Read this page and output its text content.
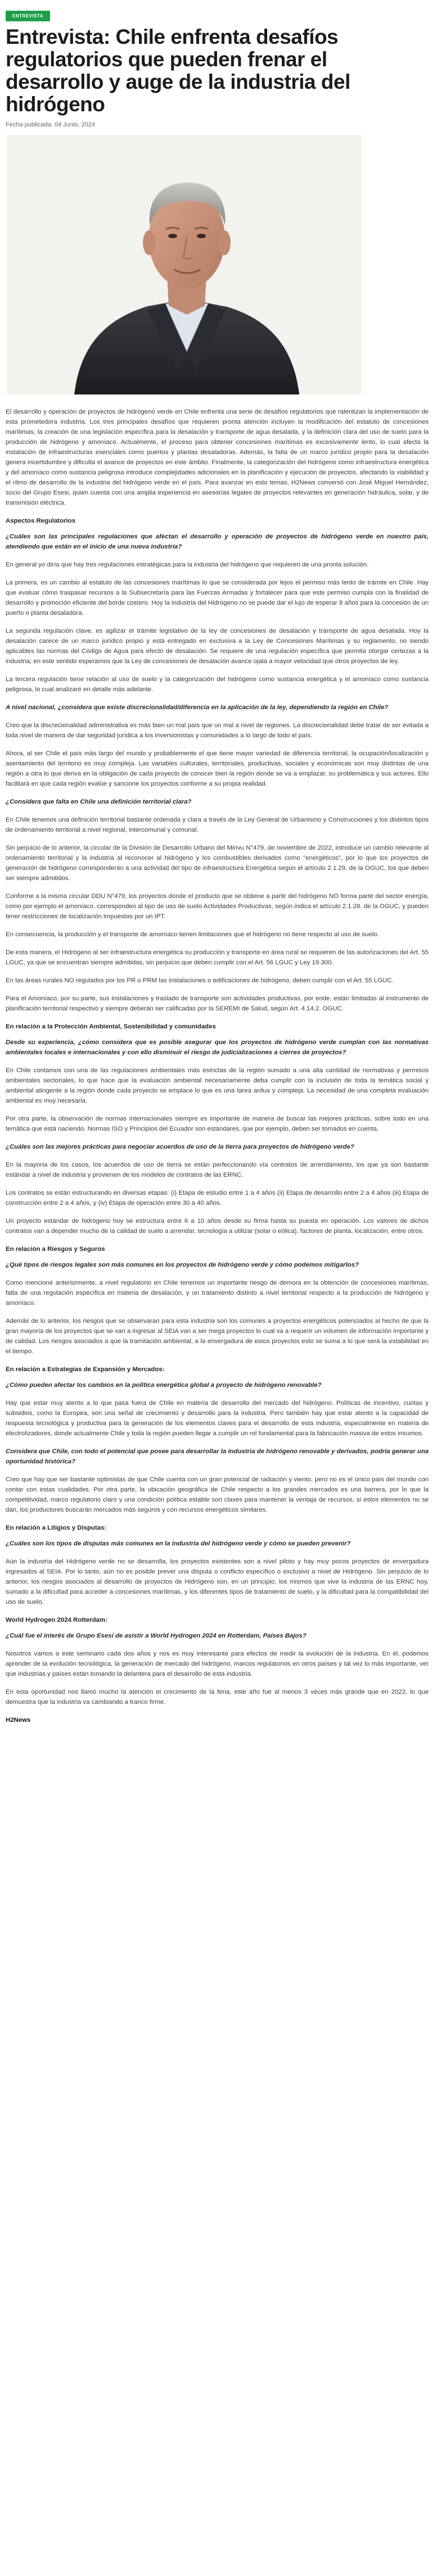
ENTREVISTA
Entrevista: Chile enfrenta desafíos regulatorios que pueden frenar el desarrollo y auge de la industria del hidrógeno
Fecha publicada: 04 Junio, 2024

El desarrollo y operación de proyectos de hidrógeno verde en Chile enfrenta una serie de desafíos regulatorios que ralentizan la implementación de esta prometedora industria. Los tres principales desafíos que requieren pronta atención incluyen la modificación del estatuto de concesiones marítimas, la creación de una legislación específica para la desalación y transporte de agua desalada, y la definición clara del uso de suelo para la producción de hidrógeno y amoníaco. Actualmente, el proceso para obtener concesiones marítimas es excesivamente lento, lo cual afecta la instalación de infraestructuras esenciales como puertos y plantas desaladoras. Además, la falta de un marco jurídico propio para la desalación genera incertidumbre y dificulta el avance de proyectos en este ámbito. Finalmente, la categorización del hidrógeno como infraestructura energética y del amoníaco como sustancia peligrosa introduce complejidades adicionales en la planificación y ejecución de proyectos, afectando la viabilidad y el ritmo de desarrollo de la industria del hidrógeno verde en el país. Para avanzar en esto temas, H2News conversó con José Miguel Hernández, socio del Grupo Esesi, quien cuenta con una amplia experiencia en asesorías legales de proyectos relevantes en generación hidráulica, solar, y de transmisión eléctrica.

Aspectos Regulatorios

¿Cuáles son las principales regulaciones que afectan el desarrollo y operación de proyectos de hidrógeno verde en nuestro país, atendiendo que están en el inicio de una nueva industria?

En general yo diría que hay tres regulaciones estratégicas para la industria del hidrógeno que requieren de una pronta solución.

La primera, es un cambio al estatuto de las concesiones marítimas lo que se considerada por lejos el permiso más lento de trámite en Chile. Hay que evaluar cómo traspasar recursos a la Subsecretaría para las Fuerzas Armadas y fortalecer para que este permiso cumpla con la finalidad de desarrollo y promoción eficiente del borde costero. Hoy la industria del Hidrógeno no se puede dar el lujo de esperar 8 años para la concesión de un puerto o planta desaladora.

La segunda regulación clave, es agilizar el trámite legislativo de la ley de concesiones de desalación y transporte de agua desalada. Hoy la desalación carece de un marco jurídico propio y está entregado en exclusiva a la Ley de Concesiones Marítimas y su reglamento, no siendo aplicables las normas del Código de Agua para efecto de desalación. Se requiere de una regulación específica que permita otorgar certezas a la industria; en este sentido esperamos que la Ley de concesiones de desalación avance ojalá a mayor velocidad que otros proyectos de ley.

La tercera regulación tiene relación al uso de suelo y la categorización del hidrógeno como sustancia energética y el amoníaco como sustancia peligrosa, lo cual analizaré en detalle más adelante.

A nivel nacional, ¿considera que existe discrecionalidad/diferencia en la aplicación de la ley, dependiendo la región en Chile?

Creo que la discrecionalidad administrativa es más bien un mal país que un mal a nivel de regiones. La discrecionalidad debe tratar de ser evitada a toda nivel de manera de dar seguridad jurídica a los inversionistas y comunidades a lo largo de todo el país.

Ahora, al ser Chile el país más largo del mundo y probablemente el que tiene mayor variedad de diferencia territorial, la ocupación/localización y asentamiento del territorio es muy compleja. Las variables culturales, territoriales, productivas, sociales y económicas son muy distintas de una región a otra lo que deriva en la obligación de cada proyecto de conocer bien la región donde se va a emplazar, su problemática y sus actores. Ello facilitará en que cada región evalúe y sancione los proyectos conforme a su propia realidad.

¿Considera que falta en Chile una definición territorial clara?

En Chile tenemos una definición territorial bastante ordenada y clara a través de la Ley General de Urbanismo y Construcciones y los distintos tipos de ordenamiento territorial a nivel regional, intercomunal y comunal.

Sin perjuicio de lo anterior, la circular de la División de Desarrollo Urbano del Minvu N°479, de noviembre de 2022, introduce un cambio relevante al ordenamiento territorial y la industria al reconocer al hidrógeno y los combustibles derivados como "energéticos", por lo que los proyectos de generación de hidrógeno corresponderán a una actividad del tipo de infraestructura Energética según el artículo 2.1.29. de la OGUC, los que deben ser siempre admitidos.

Conforme a la misma circular DDU N°479, los proyectos donde el producto que se obtiene a partir del hidrógeno NO forma parte del sector energía, como por ejemplo el amoníaco, corresponden al tipo de uso de suelo Actividades Productivas, según indica el artículo 2.1.28. de la OGUC, y pueden tener restricciones de localización impuestas por un IPT.

En consecuencia, la producción y el transporte de amoníaco tienen limitaciones que el hidrógeno no tiene respecto al uso de suelo.

De esta manera, el Hidrógeno al ser infraestructura energética su producción y transporte en área rural se requieren de las autorizaciones del Art. 55 LGUC, ya que se encuentran siempre admitidas, sin perjuicio que deben cumplir con el Art. 56 LGUC y Ley 19.300.

En las áreas rurales NO regulados por los PR o PRM las instalaciones o edificaciones de hidrógeno, deben cumplir con el Art. 55 LGUC.

Para el Amoníaco, por su parte, sus instalaciones y traslado de transporte son actividades productivas, por ende, están limitadas al instrumento de planificación territorial respectivo y siempre deberán ser calificadas por la SEREMI de Salud, según Art. 4.14.2. OGUC.

En relación a la Protección Ambiental, Sostenibilidad y comunidades

Desde su experiencia, ¿cómo considera que es posible asegurar que los proyectos de hidrógeno verde cumplan con las normativas ambientales locales e internacionales y con ello disminuir el riesgo de judicializaciones a cierres de proyectos?

En Chile contamos con una de las regulaciones ambientales más estrictas de la región sumado a una alta cantidad de normativas y permisos ambientales sectoriales, lo que hace que la evaluación ambiental necesariamente deba cumplir con la inclusión de toda la temática social y ambiental atingente a la región donde cada proyecto se emplace lo que es una tarea ardua y compleja. La necesidad de una completa evaluación ambiental es muy necesaria.

Por otra parte, la observación de normas internacionales siempre es importante de manera de buscar las mejores prácticas, sobre todo en una temática que está naciendo. Normas ISO y Principios del Ecuador son estándares, que por ejemplo, deben ser tomados en cuenta.

¿Cuáles son las mejores prácticas para negociar acuerdos de uso de la tierra para proyectos de hidrógeno verde?

En la mayoría de los casos, los acuerdos de uso de tierra se están perfeccionando vía contratos de arrendamiento, los que ya son bastante estándar a nivel de industria y provienen de los modelos de contratos de las ERNC.

Los contratos se están estructurando en diversas etapas: (i) Etapa de estudio entre 1 a 4 años (ii) Etapa de desarrollo entre 2 a 4 años (iii) Etapa de construcción entre 2 a 4 años, y (iv) Etapa de operación entre 30 a 40 años.

Un proyecto estándar de hidrógeno hoy se estructura entre 6 a 10 años desde su firma hasta su puesta en operación. Los valores de dichos contratos van a depender mucho de la calidad de suelo a arrendar, tecnología a utilizar (solar o eólica), factores de planta, localización, entre otros.

En relación a Riesgos y Seguros

¿Qué tipos de riesgos legales son más comunes en los proyectos de hidrógeno verde y cómo podemos mitigarlos?

Como mencioné anteriormente, a nivel regulatorio en Chile tenemos un importante riesgo de demora en la obtención de concesiones marítimas, falta de una regulación específica en materia de desalación, y un tratamiento distinto a nivel territorial respecto a la producción de hidrógeno y amoníaco.

Además de lo anterior, los riesgos que se observaran para esta industria son los comunes a proyectos energéticos potenciados al hecho de que la gran mayoría de los proyectos que se van a ingresar al SEIA van a ser mega proyectos lo cual va a requerir un volumen de información importante y de calidad. Los riesgos asociados a que la tramitación ambiental, a la envergadura de estos proyectos esto se suma a lo que será la estabilidad en el tiempo.

En relación a Estrategias de Expansión y Mercados:

¿Cómo pueden afectar los cambios en la política energética global a proyecto de hidrógeno renovable?

Hay que estar muy atento a lo que pasa fuera de Chile en materia de desarrollo del mercado del hidrógeno. Políticas de incentivo, cuotas y subsidios, como la Europea, son una señal de crecimiento y desarrollo para la industria. Pero también hay que estar atento a la capacidad de respuesta tecnológica y productiva para la generación de los elementos claves para el desarrollo de esta industria, especialmente en materia de electrolizadores, donde actualmente Chile y toda la región pueden llegar a cumplir un rol fundamental para la fabricación masiva de estos insumos.

Considera que Chile, con todo el potencial que posee para desarrollar la industria de hidrógeno renovable y derivados, podría generar una oportunidad histórica?

Creo que hay que ser bastante optimistas de que Chile cuenta con un gran potencial de radiación y viento, pero no es el único país del mundo con contar con estas cualidades. Por otra parte, la ubicación geográfica de Chile respecto a los grandes mercados es una barrera, por lo que la competitividad, marco regulatorio claro y una condición política estable son claves para mantener la ventaja de recursos, si estos elementos no se dan, los productores buscarán mercados más seguros y con recursos energéticos similares.

En relación a Litigios y Disputas:

¿Cuáles son los tipos de disputas más comunes en la industria del hidrógeno verde y cómo se pueden prevenir?

Aún la industria del Hidrógeno verde no se desarrolla, los proyectos existentes son a nivel piloto y hay muy pocos proyectos de envergadura ingresados al SEIA. Por lo tanto, aún no es posible prever una disputa o conflicto específico o exclusivo a nivel de Hidrógeno. Sin perjuicio de lo anterior, los riesgos asociados al desarrollo de proyectos de Hidrógeno son, en un principio, los mismos que vive la industria de las ERNC hoy, sumado a la dificultad para acceder a concesiones marítimas, y los diferentes tipos de tratamiento de suelo, y la dificultad para la compatibilidad del uso de suelo.

World Hydrogen 2024 Rotterdam:

¿Cuál fue el interés de Grupo Esesi de asistir a World Hydrogen 2024 en Rotterdam, Países Bajos?

Nosotros vamos a este seminario cada dos años y nos es muy interesante para efectos de medir la evolución de la industria. En él, podemos aprender de la evolución tecnológica, la generación de mercado del hidrógeno, marcos regulatorios en otros países y tal vez lo más importante, ver que industrias y países están tomando la delantera para el desarrollo de esta industria.

En esta oportunidad nos llamó mucho la atención el crecimiento de la feria, este año fue al menos 3 veces más grande que en 2022, lo que demuestra que la industria va cambiando a tranco firme.

H2News
